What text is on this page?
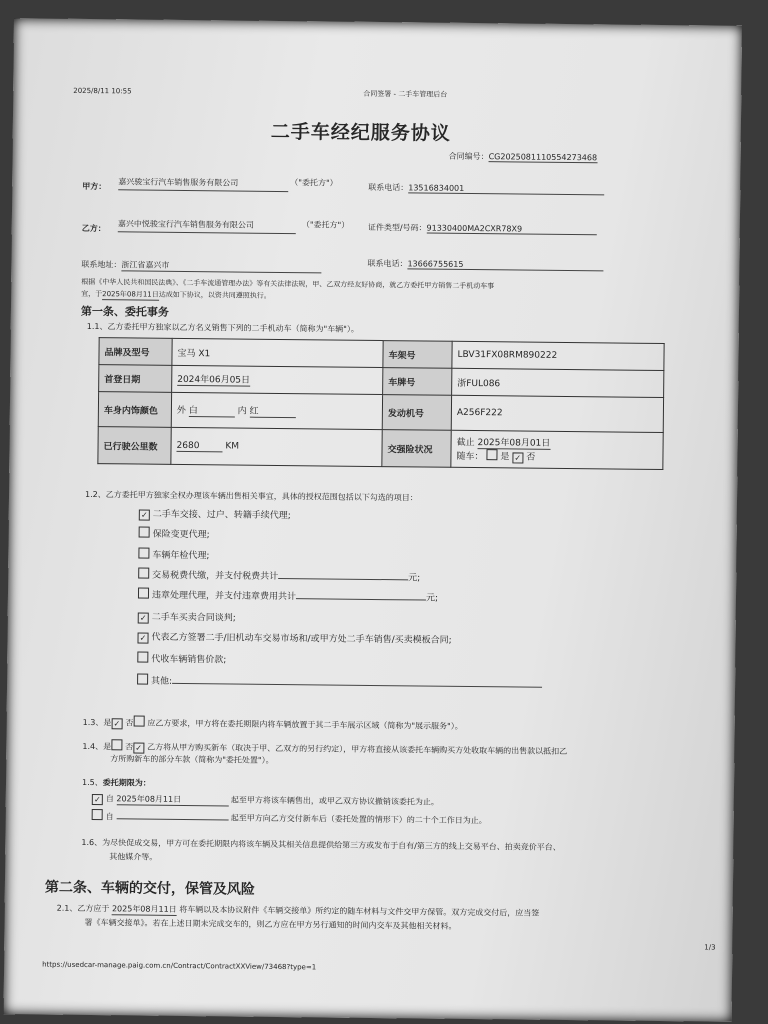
2025/8/11 10:55	合同签署 - 二手车管理后台
二手车经纪服务协议
合同编号：CG2025081110554273468
甲方： 嘉兴骏宝行汽车销售服务有限公司	（"委托方"）
联系电话：13516834001
乙方： 嘉兴中悦骏宝行汽车销售服务有限公司	（"委托方"） 证件类型/号码：91330400MA2CXR78X9
联系地址：浙江省嘉兴市	联系电话：13666755615
根据《中华人民共和国民法典》、《二手车流通管理办法》等有关法律法规，甲、乙双方经友好协商，就乙方委托甲方销售二手机动车事
宜，于2025年08月11日达成如下协议，以资共同遵照执行。
第一条、委托事务
1.1、乙方委托甲方独家以乙方名义销售下列的二手机动车（简称为"车辆"）。
品牌及型号	宝马 X1	车架号	LBV31FX08RM890222
首登日期	2024年06月05日	车牌号	浙FUL086
车身内饰颜色	外 白 内 红	发动机号	A256F222
已行驶公里数	2680 KM	交强险状况	截止 2025年08月01日
随车： 是 ✓ 否
1.2、乙方委托甲方独家全权办理该车辆出售相关事宜，具体的授权范围包括以下勾选的项目：
✓二手车交接、过户、转籍手续代理;
保险变更代理;
车辆年检代理;
交易税费代缴，并支付税费共计	元;
违章处理代理，并支付违章费用共计	元;
✓二手车买卖合同谈判;
✓代表乙方签署二手/旧机动车交易市场和/或甲方处二手车销售/买卖模板合同;
代收车辆销售价款;
其他:
1.3、是 ✓ 否 应乙方要求，甲方将在委托期限内将车辆放置于其二手车展示区域（简称为"展示服务"）。
1.4、是 否 ✓ 乙方将从甲方购买新车（取决于甲、乙双方的另行约定），甲方将直接从该委托车辆购买方处收取车辆的出售款以抵扣乙
方所购新车的部分车款（简称为"委托处置"）。
1.5、委托期限为：
✓自 2025年08月11日	起至甲方将该车辆售出，或甲乙双方协议撤销该委托为止。
自	起至甲方向乙方交付新车后（委托处置的情形下）的二十个工作日为止。
1.6、为尽快促成交易，甲方可在委托期限内将该车辆及其相关信息提供给第三方或发布于自有/第三方的线上交易平台、拍卖竞价平台、
其他媒介等。
第二条、车辆的交付，保管及风险
2.1、乙方应于 2025年08月11日 将车辆以及本协议附件《车辆交接单》所约定的随车材料与文件交甲方保管。双方完成交付后，应当签
署《车辆交接单》。若在上述日期未完成交车的，则乙方应在甲方另行通知的时间内交车及其他相关材料。
1/3
https://usedcar-manage.paig.com.cn/Contract/ContractXXView/73468?type=1
